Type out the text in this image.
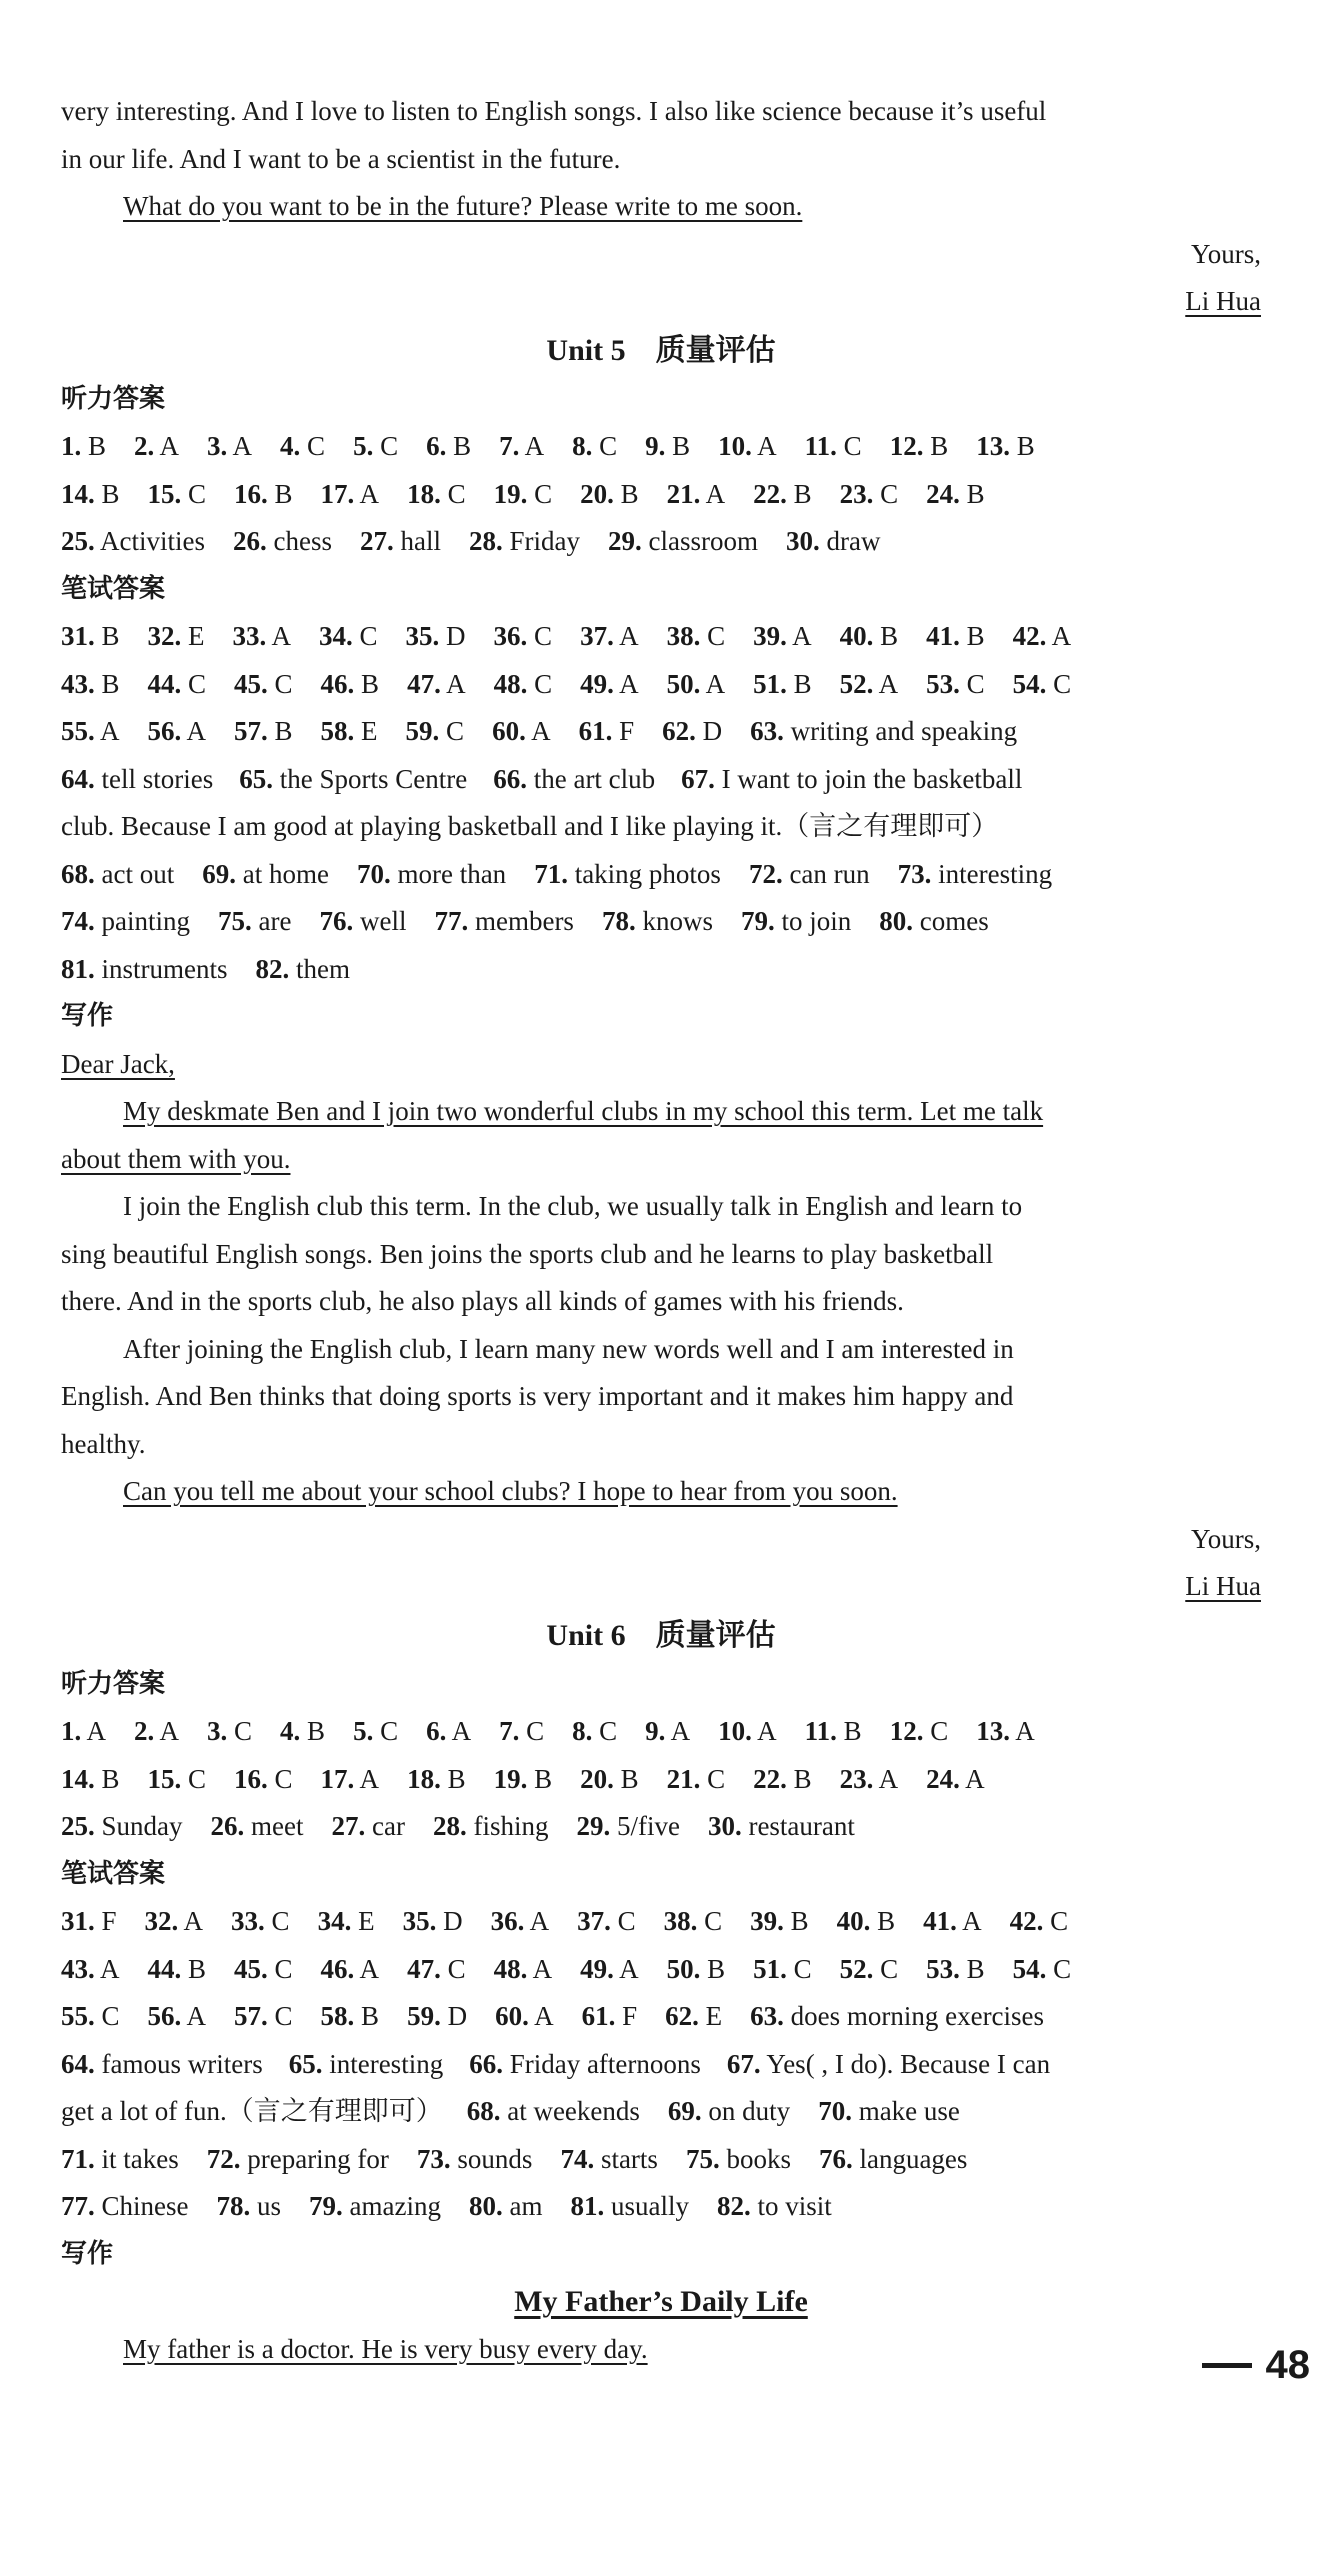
very interesting. And I love to listen to English songs. I also like science because it’s useful
in our life. And I want to be a scientist in the future.
What do you want to be in the future? Please write to me soon.
Yours,
Li Hua
Unit 5　质量评估
听力答案
1. B 2. A 3. A 4. C 5. C 6. B 7. A 8. C 9. B 10. A 11. C 12. B 13. B
14. B 15. C 16. B 17. A 18. C 19. C 20. B 21. A 22. B 23. C 24. B
25. Activities 26. chess 27. hall 28. Friday 29. classroom 30. draw
笔试答案
31. B 32. E 33. A 34. C 35. D 36. C 37. A 38. C 39. A 40. B 41. B 42. A
43. B 44. C 45. C 46. B 47. A 48. C 49. A 50. A 51. B 52. A 53. C 54. C
55. A 56. A 57. B 58. E 59. C 60. A 61. F 62. D 63. writing and speaking
64. tell stories 65. the Sports Centre 66. the art club 67. I want to join the basketball
club. Because I am good at playing basketball and I like playing it.（言之有理即可）
68. act out 69. at home 70. more than 71. taking photos 72. can run 73. interesting
74. painting 75. are 76. well 77. members 78. knows 79. to join 80. comes
81. instruments 82. them
写作
Dear Jack,
My deskmate Ben and I join two wonderful clubs in my school this term. Let me talk
about them with you.
I join the English club this term. In the club, we usually talk in English and learn to
sing beautiful English songs. Ben joins the sports club and he learns to play basketball
there. And in the sports club, he also plays all kinds of games with his friends.
After joining the English club, I learn many new words well and I am interested in
English. And Ben thinks that doing sports is very important and it makes him happy and
healthy.
Can you tell me about your school clubs? I hope to hear from you soon.
Yours,
Li Hua
Unit 6　质量评估
听力答案
1. A 2. A 3. C 4. B 5. C 6. A 7. C 8. C 9. A 10. A 11. B 12. C 13. A
14. B 15. C 16. C 17. A 18. B 19. B 20. B 21. C 22. B 23. A 24. A
25. Sunday 26. meet 27. car 28. fishing 29. 5/five 30. restaurant
笔试答案
31. F 32. A 33. C 34. E 35. D 36. A 37. C 38. C 39. B 40. B 41. A 42. C
43. A 44. B 45. C 46. A 47. C 48. A 49. A 50. B 51. C 52. C 53. B 54. C
55. C 56. A 57. C 58. B 59. D 60. A 61. F 62. E 63. does morning exercises
64. famous writers 65. interesting 66. Friday afternoons 67. Yes( , I do). Because I can
get a lot of fun.（言之有理即可） 68. at weekends 69. on duty 70. make use
71. it takes 72. preparing for 73. sounds 74. starts 75. books 76. languages
77. Chinese 78. us 79. amazing 80. am 81. usually 82. to visit
写作
My Father’s Daily Life
My father is a doctor. He is very busy every day.	48
